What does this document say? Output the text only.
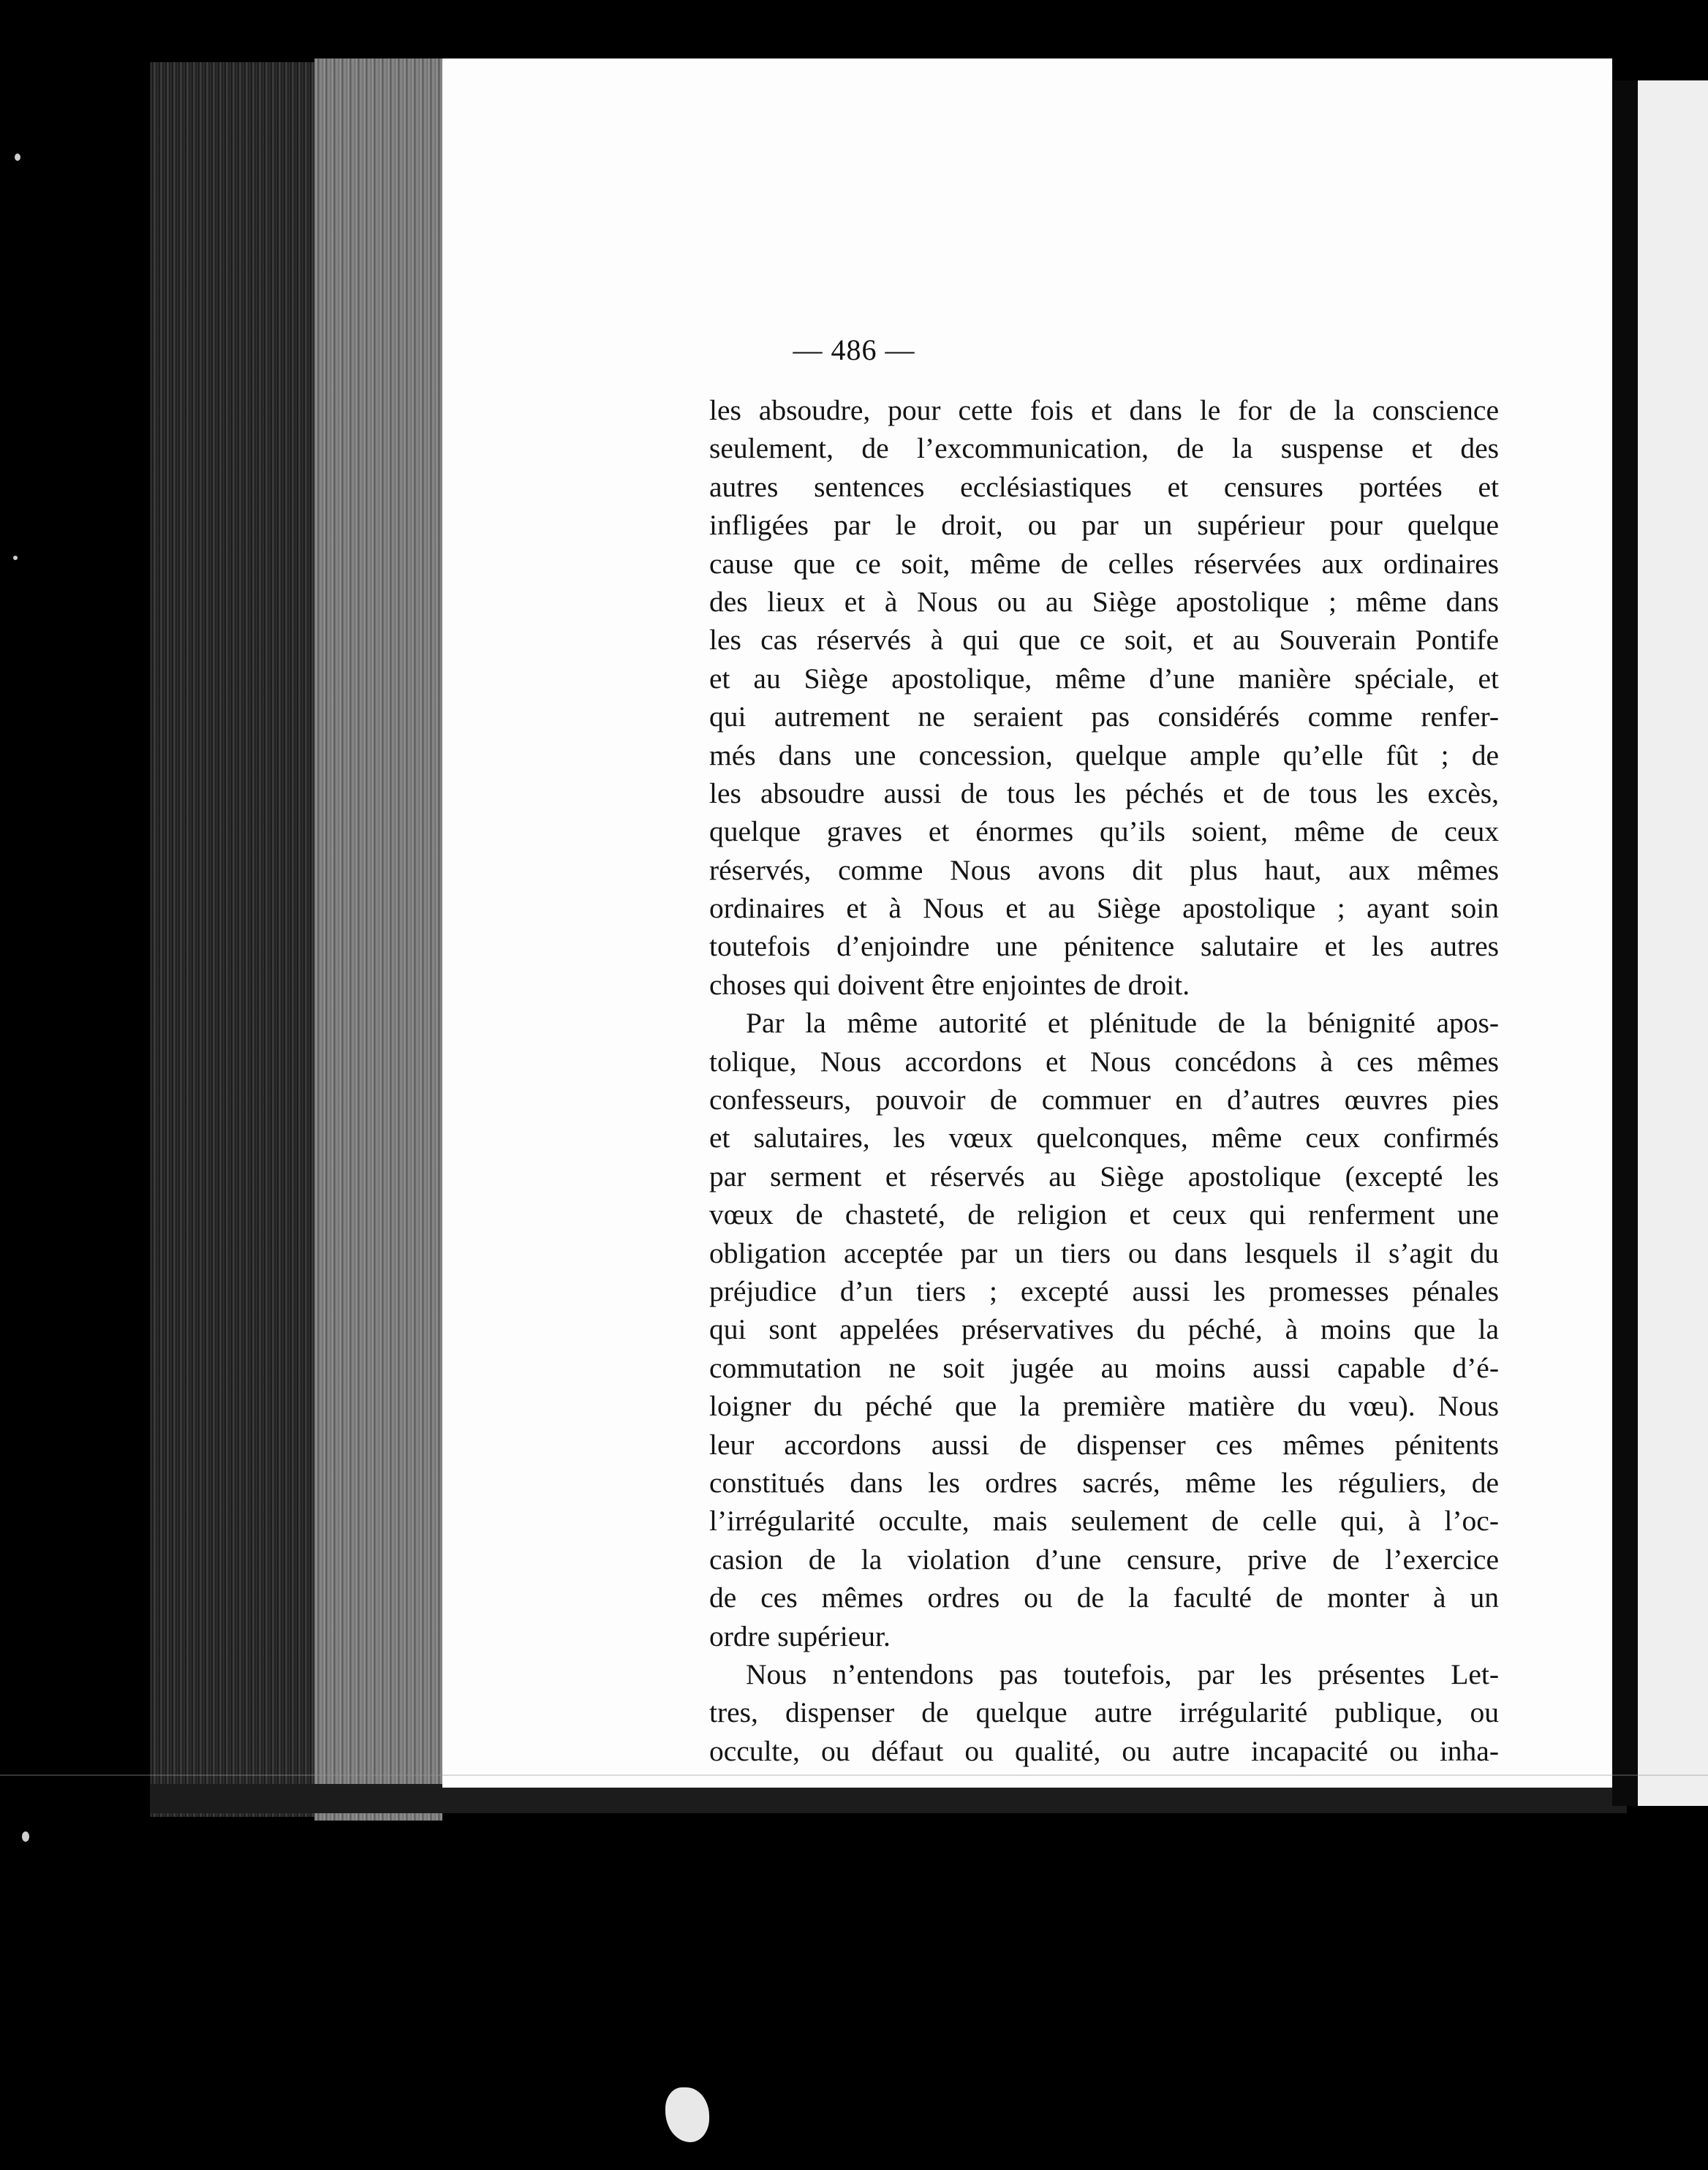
— 486 —
les absoudre, pour cette fois et dans le for de la conscience
seulement, de l’excommunication, de la suspense et des
autres sentences ecclésiastiques et censures portées et
infligées par le droit, ou par un supérieur pour quelque
cause que ce soit, même de celles réservées aux ordinaires
des lieux et à Nous ou au Siège apostolique ; même dans
les cas réservés à qui que ce soit, et au Souverain Pontife
et au Siège apostolique, même d’une manière spéciale, et
qui autrement ne seraient pas considérés comme renfer-
més dans une concession, quelque ample qu’elle fût ; de
les absoudre aussi de tous les péchés et de tous les excès,
quelque graves et énormes qu’ils soient, même de ceux
réservés, comme Nous avons dit plus haut, aux mêmes
ordinaires et à Nous et au Siège apostolique ; ayant soin
toutefois d’enjoindre une pénitence salutaire et les autres
choses qui doivent être enjointes de droit.
Par la même autorité et plénitude de la bénignité apos-
tolique, Nous accordons et Nous concédons à ces mêmes
confesseurs, pouvoir de commuer en d’autres œuvres pies
et salutaires, les vœux quelconques, même ceux confirmés
par serment et réservés au Siège apostolique (excepté les
vœux de chasteté, de religion et ceux qui renferment une
obligation acceptée par un tiers ou dans lesquels il s’agit du
préjudice d’un tiers ; excepté aussi les promesses pénales
qui sont appelées préservatives du péché, à moins que la
commutation ne soit jugée au moins aussi capable d’é-
loigner du péché que la première matière du vœu). Nous
leur accordons aussi de dispenser ces mêmes pénitents
constitués dans les ordres sacrés, même les réguliers, de
l’irrégularité occulte, mais seulement de celle qui, à l’oc-
casion de la violation d’une censure, prive de l’exercice
de ces mêmes ordres ou de la faculté de monter à un
ordre supérieur.
Nous n’entendons pas toutefois, par les présentes Let-
tres, dispenser de quelque autre irrégularité publique, ou
occulte, ou défaut ou qualité, ou autre incapacité ou inha-
